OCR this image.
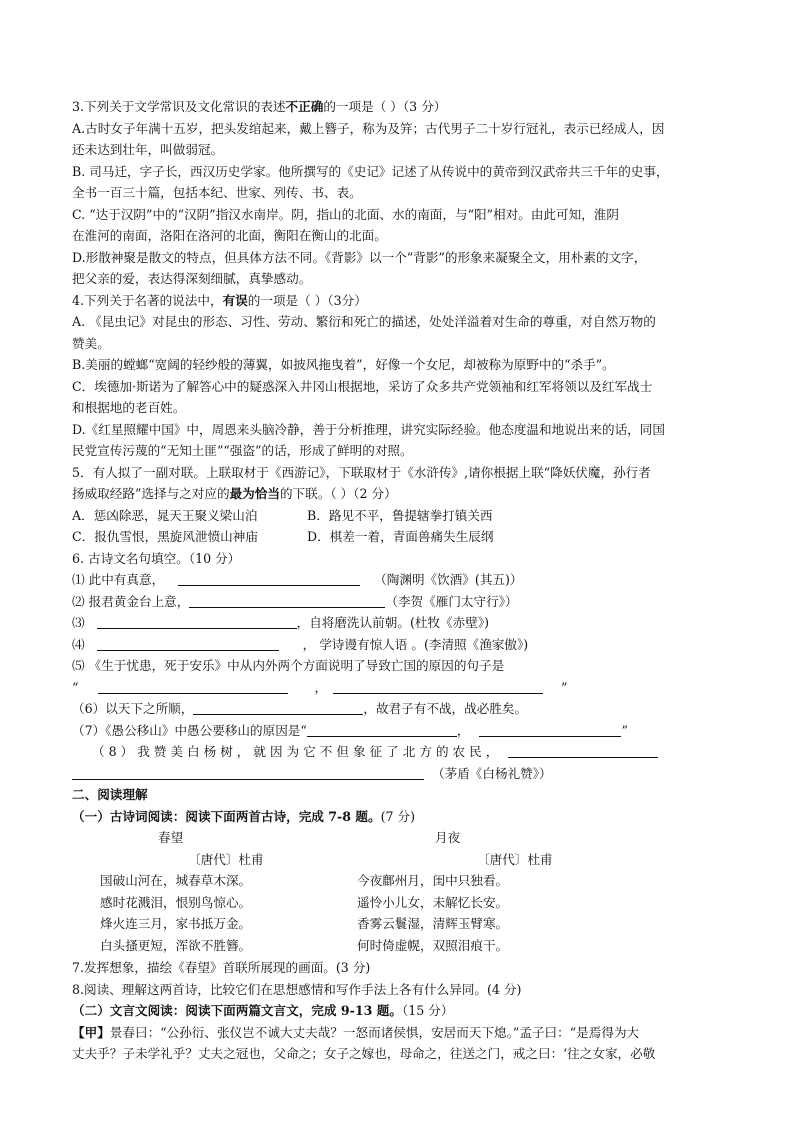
3.下列关于文学常识及文化常识的表述不正确的一项是（ ）（3 分）
A.古时女子年满十五岁，把头发绾起来，戴上簪子，称为及笄；古代男子二十岁行冠礼，表示已经成人，因
还未达到壮年，叫做弱冠。
B. 司马迁，字子长，西汉历史学家。他所撰写的《史记》记述了从传说中的黄帝到汉武帝共三千年的史事，
全书一百三十篇，包括本纪、世家、列传、书、表。
C. “达于汉阴”中的“汉阴”指汉水南岸。阴，指山的北面、水的南面，与“阳”相对。由此可知，淮阴
在淮河的南面，洛阳在洛河的北面，衡阳在衡山的北面。
D.形散神聚是散文的特点，但具体方法不同。《背影》以一个“背影”的形象来凝聚全文，用朴素的文字，
把父亲的爱，表达得深刻细腻，真挚感动。
4.下列关于名著的说法中，有误的一项是（ ）（3分）
A. 《昆虫记》对昆虫的形态、习性、劳动、繁衍和死亡的描述，处处洋溢着对生命的尊重，对自然万物的
赞美。
B.美丽的螳螂“宽阔的轻纱般的薄翼，如披风拖曳着”，好像一个女尼，却被称为原野中的“杀手”。
C．埃德加·斯诺为了解答心中的疑惑深入井冈山根据地，采访了众多共产党领袖和红军将领以及红军战士
和根据地的老百姓。
D.《红星照耀中国》中，周恩来头脑冷静，善于分析推理，讲究实际经验。他态度温和地说出来的话，同国
民党宣传污蔑的“无知土匪”“强盗”的话，形成了鲜明的对照。
5．有人拟了一副对联。上联取材于《西游记》，下联取材于《水浒传》,请你根据上联“降妖伏魔，孙行者
扬威取经路”选择与之对应的最为恰当的下联。（ ）（2 分）
A．惩凶除恶，晁天王聚义梁山泊	B．路见不平，鲁提辖拳打镇关西
C．报仇雪恨，黑旋风泄愤山神庙	D．棋差一着，青面兽痛失生辰纲
6. 古诗文名句填空。（10 分）
⑴ 此中有真意，	（陶渊明《饮酒》(其五)）
⑵ 报君黄金台上意，	（李贺《雁门太守行》）
⑶	，自将磨洗认前朝。(杜牧《赤壁》)
⑷	， 学诗谩有惊人语 。(李清照《渔家傲》)
⑸ 《生于忧患，死于安乐》中从内外两个方面说明了导致亡国的原因的句子是
“	，	”
（6）以天下之所顺，	，故君子有不战，战必胜矣。
（7）《愚公移山》中愚公要移山的原因是“	，	”
（ 8 ） 我 赞 美 白 杨 树 ， 就 因 为 它 不 但 象 征 了 北 方 的 农 民 ，
（茅盾《白杨礼赞》）
二、阅读理解
（一）古诗词阅读：阅读下面两首古诗，完成 7-8 题。(7 分)
春望
〔唐代〕杜甫
国破山河在，城春草木深。
感时花溅泪，恨别鸟惊心。
烽火连三月，家书抵万金。
白头搔更短，浑欲不胜簪。
月夜
〔唐代〕杜甫
今夜鄜州月，闺中只独看。
遥怜小儿女，未解忆长安。
香雾云鬟湿，清辉玉臂寒。
何时倚虚幌，双照泪痕干。
7.发挥想象，描绘《春望》首联所展现的画面。(3 分)
8.阅读、理解这两首诗，比较它们在思想感情和写作手法上各有什么异同。(4 分)
（二）文言文阅读：阅读下面两篇文言文，完成 9-13 题。（15 分）
【甲】景春曰：“公孙衍、张仪岂不诚大丈夫哉？一怒而诸侯惧，安居而天下熄。”孟子曰：“是焉得为大
丈夫乎？子未学礼乎？丈夫之冠也，父命之；女子之嫁也，母命之，往送之门，戒之曰：‘往之女家，必敬
